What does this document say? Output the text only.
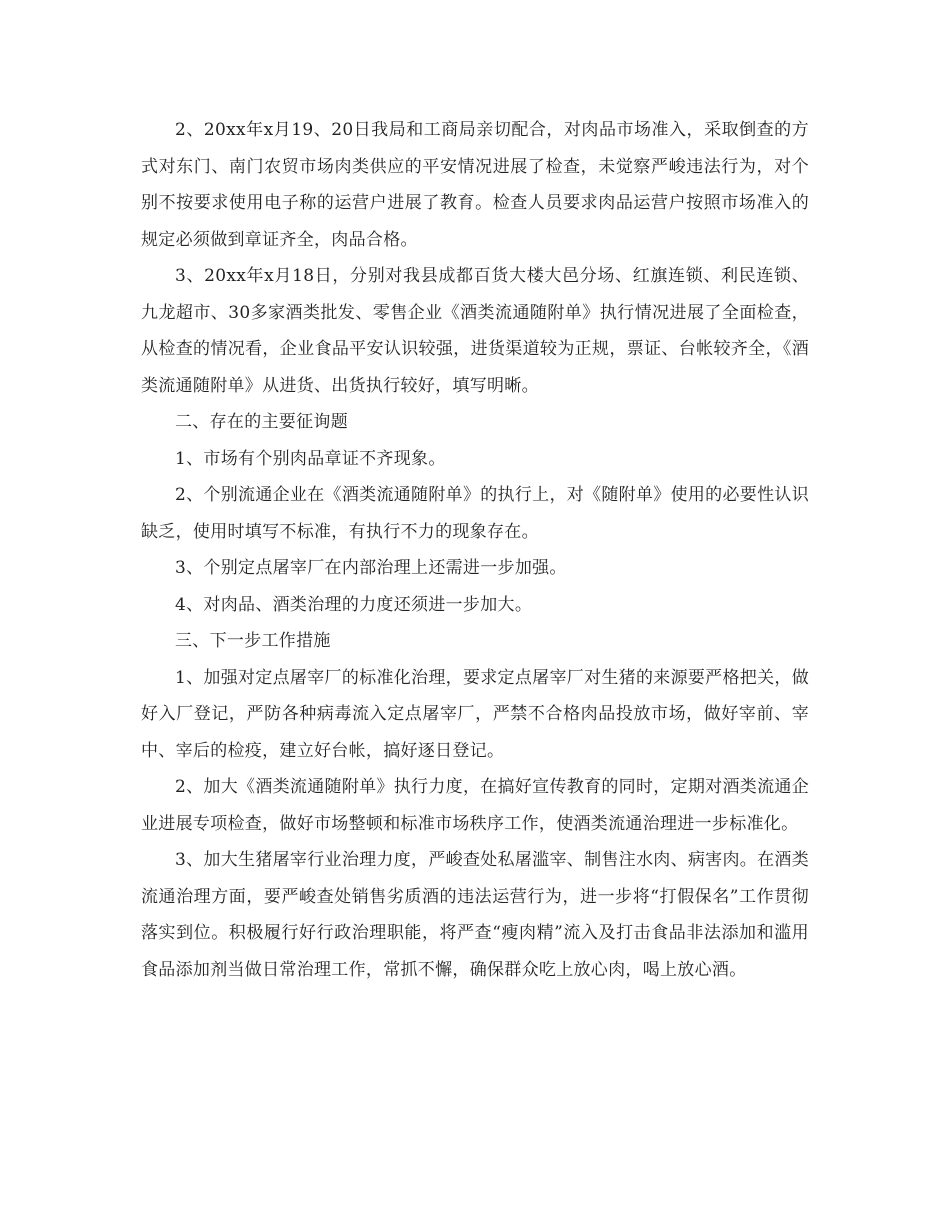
2、20xx年x月19、20日我局和工商局亲切配合，对肉品市场准入，采取倒查的方式对东门、南门农贸市场肉类供应的平安情况进展了检查，未觉察严峻违法行为，对个别不按要求使用电子称的运营户进展了教育。检查人员要求肉品运营户按照市场准入的规定必须做到章证齐全，肉品合格。

3、20xx年x月18日，分别对我县成都百货大楼大邑分场、红旗连锁、利民连锁、九龙超市、30多家酒类批发、零售企业《酒类流通随附单》执行情况进展了全面检查，从检查的情况看，企业食品平安认识较强，进货渠道较为正规，票证、台帐较齐全，《酒类流通随附单》从进货、出货执行较好，填写明晰。

二、存在的主要征询题

1、市场有个别肉品章证不齐现象。

2、个别流通企业在《酒类流通随附单》的执行上，对《随附单》使用的必要性认识缺乏，使用时填写不标准，有执行不力的现象存在。

3、个别定点屠宰厂在内部治理上还需进一步加强。

4、对肉品、酒类治理的力度还须进一步加大。

三、下一步工作措施

1、加强对定点屠宰厂的标准化治理，要求定点屠宰厂对生猪的来源要严格把关，做好入厂登记，严防各种病毒流入定点屠宰厂，严禁不合格肉品投放市场，做好宰前、宰中、宰后的检疫，建立好台帐，搞好逐日登记。

2、加大《酒类流通随附单》执行力度，在搞好宣传教育的同时，定期对酒类流通企业进展专项检查，做好市场整顿和标准市场秩序工作，使酒类流通治理进一步标准化。

3、加大生猪屠宰行业治理力度，严峻查处私屠滥宰、制售注水肉、病害肉。在酒类流通治理方面，要严峻查处销售劣质酒的违法运营行为，进一步将“打假保名”工作贯彻落实到位。积极履行好行政治理职能，将严查“瘦肉精”流入及打击食品非法添加和滥用食品添加剂当做日常治理工作，常抓不懈，确保群众吃上放心肉，喝上放心酒。
